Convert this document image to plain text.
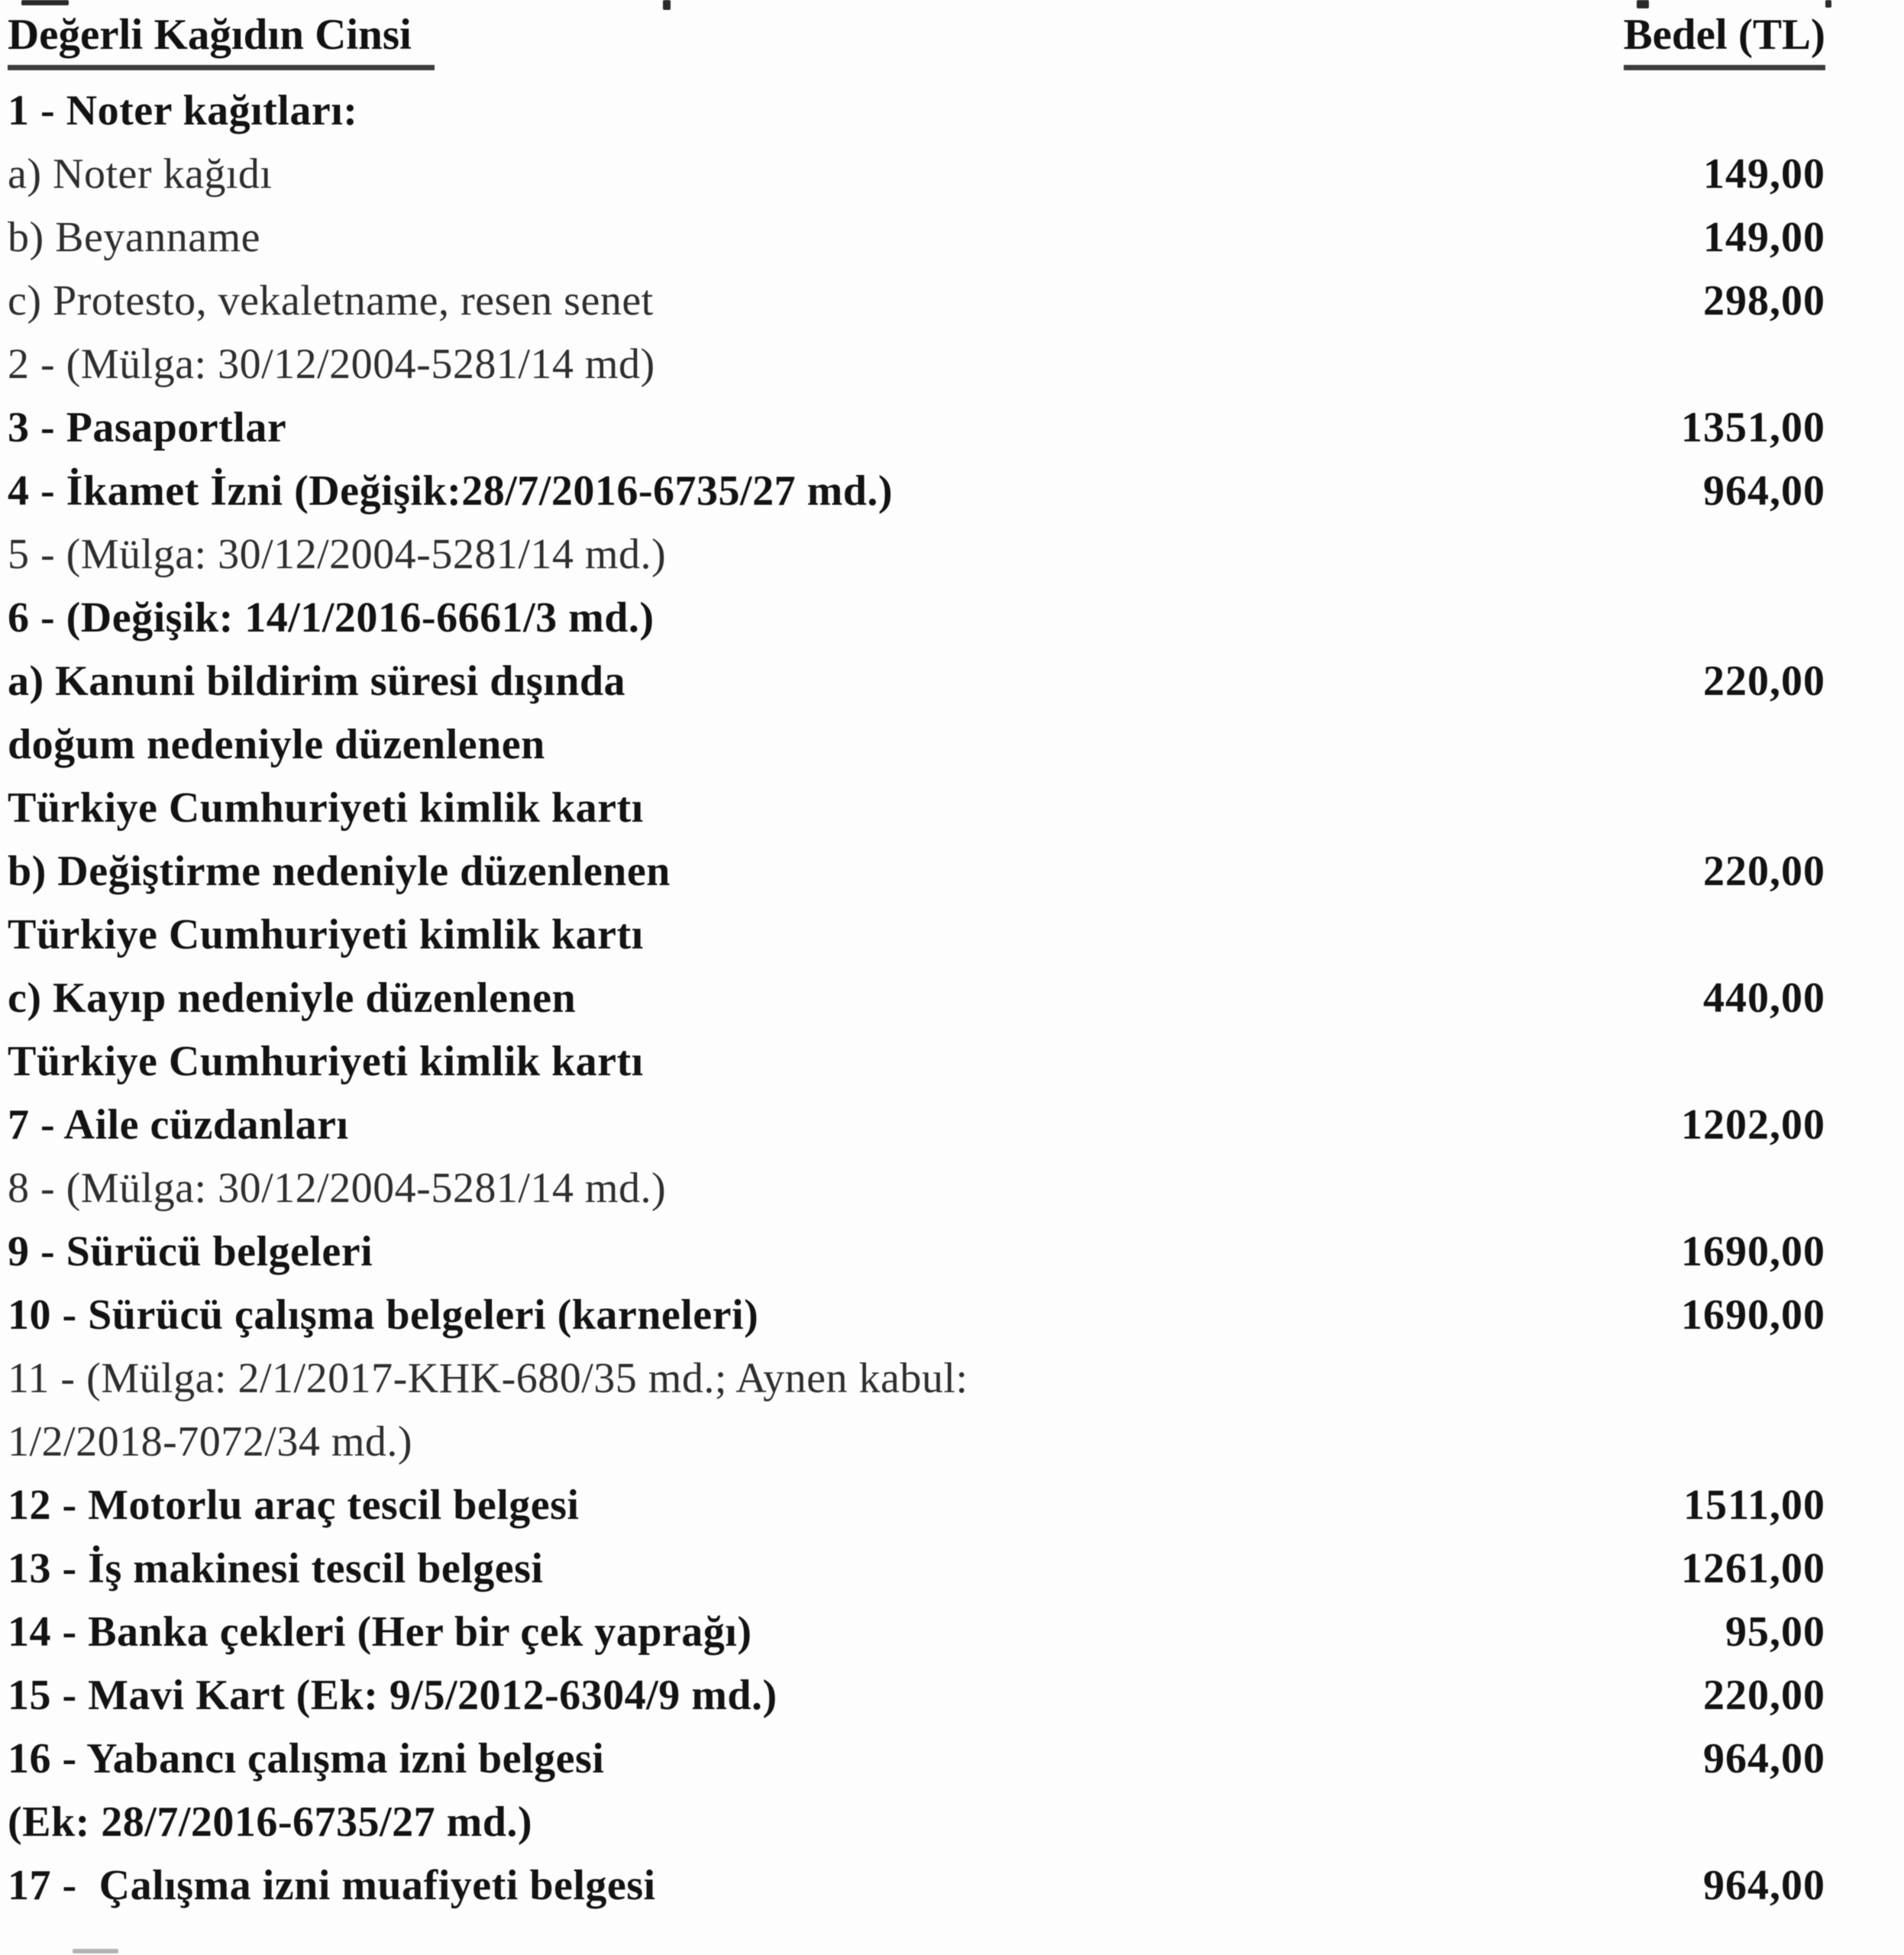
Değerli Kağıdın Cinsi	Bedel (TL)
1 - Noter kağıtları:
a) Noter kağıdı	149,00
b) Beyanname	149,00
c) Protesto, vekaletname, resen senet	298,00
2 - (Mülga: 30/12/2004-5281/14 md)
3 - Pasaportlar	1351,00
4 - İkamet İzni (Değişik:28/7/2016-6735/27 md.)	964,00
5 - (Mülga: 30/12/2004-5281/14 md.)
6 - (Değişik: 14/1/2016-6661/3 md.)
a) Kanuni bildirim süresi dışında	220,00
doğum nedeniyle düzenlenen
Türkiye Cumhuriyeti kimlik kartı
b) Değiştirme nedeniyle düzenlenen	220,00
Türkiye Cumhuriyeti kimlik kartı
c) Kayıp nedeniyle düzenlenen	440,00
Türkiye Cumhuriyeti kimlik kartı
7 - Aile cüzdanları	1202,00
8 - (Mülga: 30/12/2004-5281/14 md.)
9 - Sürücü belgeleri	1690,00
10 - Sürücü çalışma belgeleri (karneleri)	1690,00
11 - (Mülga: 2/1/2017-KHK-680/35 md.; Aynen kabul:
1/2/2018-7072/34 md.)
12 - Motorlu araç tescil belgesi	1511,00
13 - İş makinesi tescil belgesi	1261,00
14 - Banka çekleri (Her bir çek yaprağı)	95,00
15 - Mavi Kart (Ek: 9/5/2012-6304/9 md.)	220,00
16 - Yabancı çalışma izni belgesi	964,00
(Ek: 28/7/2016-6735/27 md.)
17 -  Çalışma izni muafiyeti belgesi	964,00
